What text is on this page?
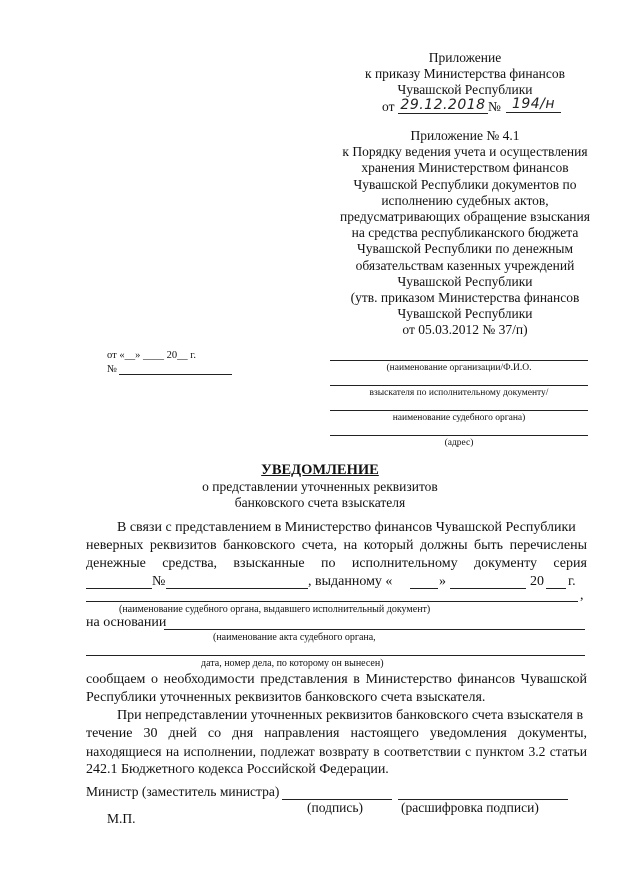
Приложение
к приказу Министерства финансов
Чувашской Республики
от 29.12.2018 № 194/н
Приложение № 4.1
к Порядку ведения учета и осуществления
хранения Министерством финансов
Чувашской Республики документов по
исполнению судебных актов,
предусматривающих обращение взыскания
на средства республиканского бюджета
Чувашской Республики по денежным
обязательствам казенных учреждений
Чувашской Республики
(утв. приказом Министерства финансов
Чувашской Республики
от 05.03.2012 № 37/п)
от «__» ____ 20__ г.
№	(наименование организации/Ф.И.О.
взыскателя по исполнительному документу/
наименование судебного органа)
(адрес)
УВЕДОМЛЕНИЕ
о представлении уточненных реквизитов
банковского счета взыскателя
В связи с представлением в Министерство финансов Чувашской Республики
неверных реквизитов банковского счета, на который должны быть перечислены
денежные средства, взысканные по исполнительному документу серия
№	, выданному «	»	20 г.
,
(наименование судебного органа, выдавшего исполнительный документ)
на основании
(наименование акта судебного органа,
дата, номер дела, по которому он вынесен)
сообщаем о необходимости представления в Министерство финансов Чувашской
Республики уточненных реквизитов банковского счета взыскателя.
При непредставлении уточненных реквизитов банковского счета взыскателя в
течение 30 дней со дня направления настоящего уведомления документы,
находящиеся на исполнении, подлежат возврату в соответствии с пунктом 3.2 статьи
242.1 Бюджетного кодекса Российской Федерации.
Министр (заместитель министра)
(подпись)	(расшифровка подписи)
М.П.
